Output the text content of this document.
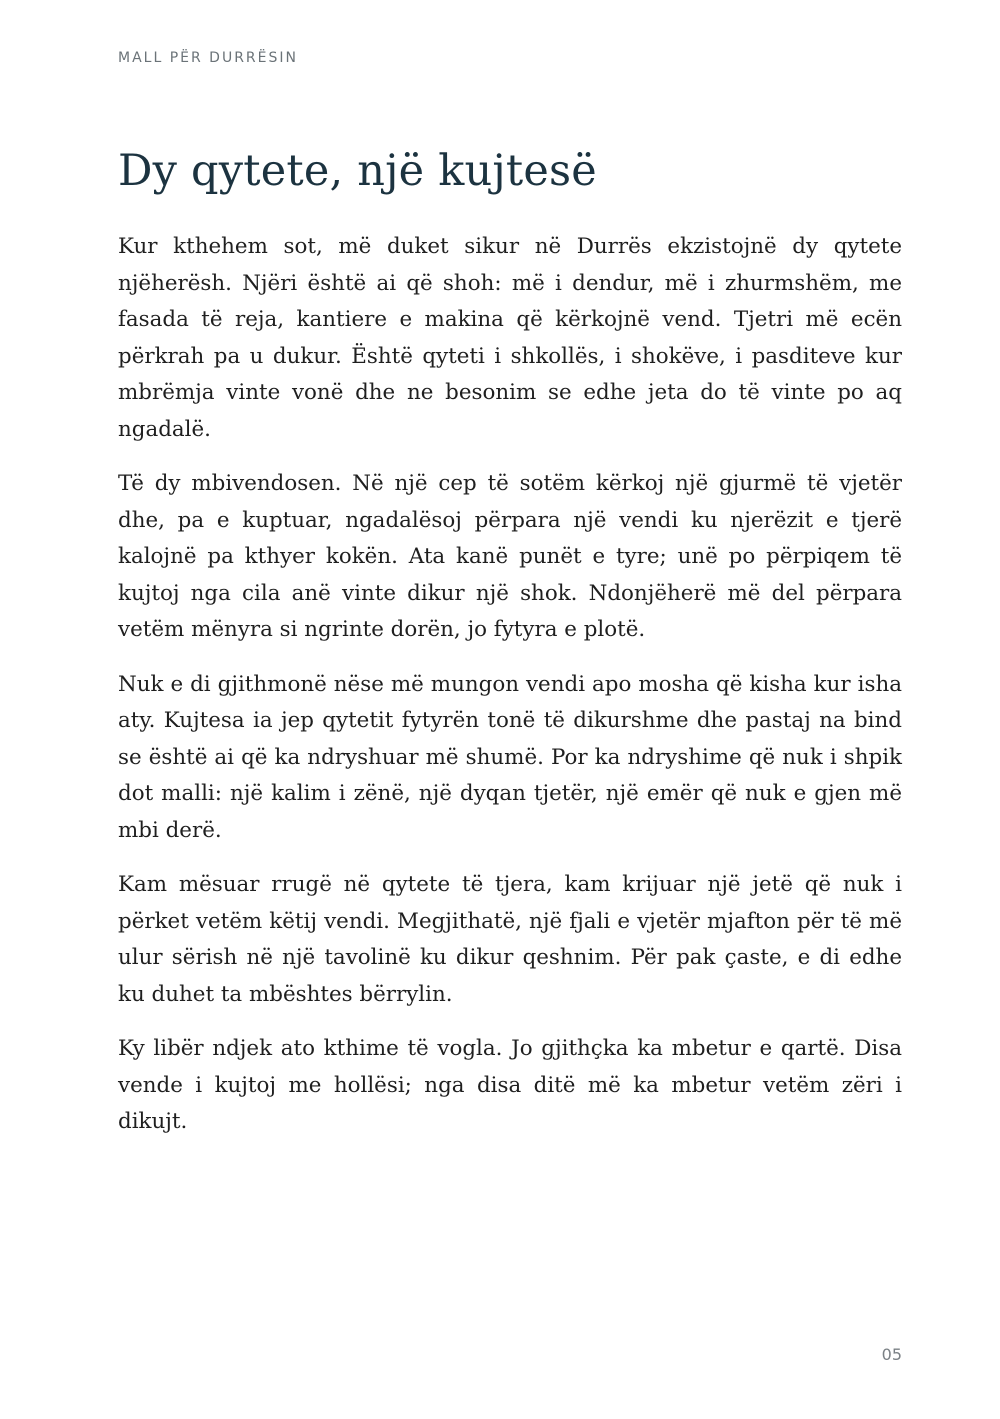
MALL PËR DURRËSIN
Dy qytete, një kujtesë

Kur kthehem sot, më duket sikur në Durrës ekzistojnë dy qytete njëherësh. Njëri është ai që shoh: më i dendur, më i zhurmshëm, me fasada të reja, kantiere e makina që kërkojnë vend. Tjetri më ecën përkrah pa u dukur. Është qyteti i shkollës, i shokëve, i pasditeve kur mbrëmja vinte vonë dhe ne besonim se edhe jeta do të vinte po aq ngadalë.

Të dy mbivendosen. Në një cep të sotëm kërkoj një gjurmë të vjetër dhe, pa e kuptuar, ngadalësoj përpara një vendi ku njerëzit e tjerë kalojnë pa kthyer kokën. Ata kanë punët e tyre; unë po përpiqem të kujtoj nga cila anë vinte dikur një shok. Ndonjëherë më del përpara vetëm mënyra si ngrinte dorën, jo fytyra e plotë.

Nuk e di gjithmonë nëse më mungon vendi apo mosha që kisha kur isha aty. Kujtesa ia jep qytetit fytyrën tonë të dikurshme dhe pastaj na bind se është ai që ka ndryshuar më shumë. Por ka ndryshime që nuk i shpik dot malli: një kalim i zënë, një dyqan tjetër, një emër që nuk e gjen më mbi derë.

Kam mësuar rrugë në qytete të tjera, kam krijuar një jetë që nuk i përket vetëm këtij vendi. Megjithatë, një fjali e vjetër mjafton për të më ulur sërish në një tavolinë ku dikur qeshnim. Për pak çaste, e di edhe ku duhet ta mbështes bërrylin.

Ky libër ndjek ato kthime të vogla. Jo gjithçka ka mbetur e qartë. Disa vende i kujtoj me hollësi; nga disa ditë më ka mbetur vetëm zëri i dikujt.

05
